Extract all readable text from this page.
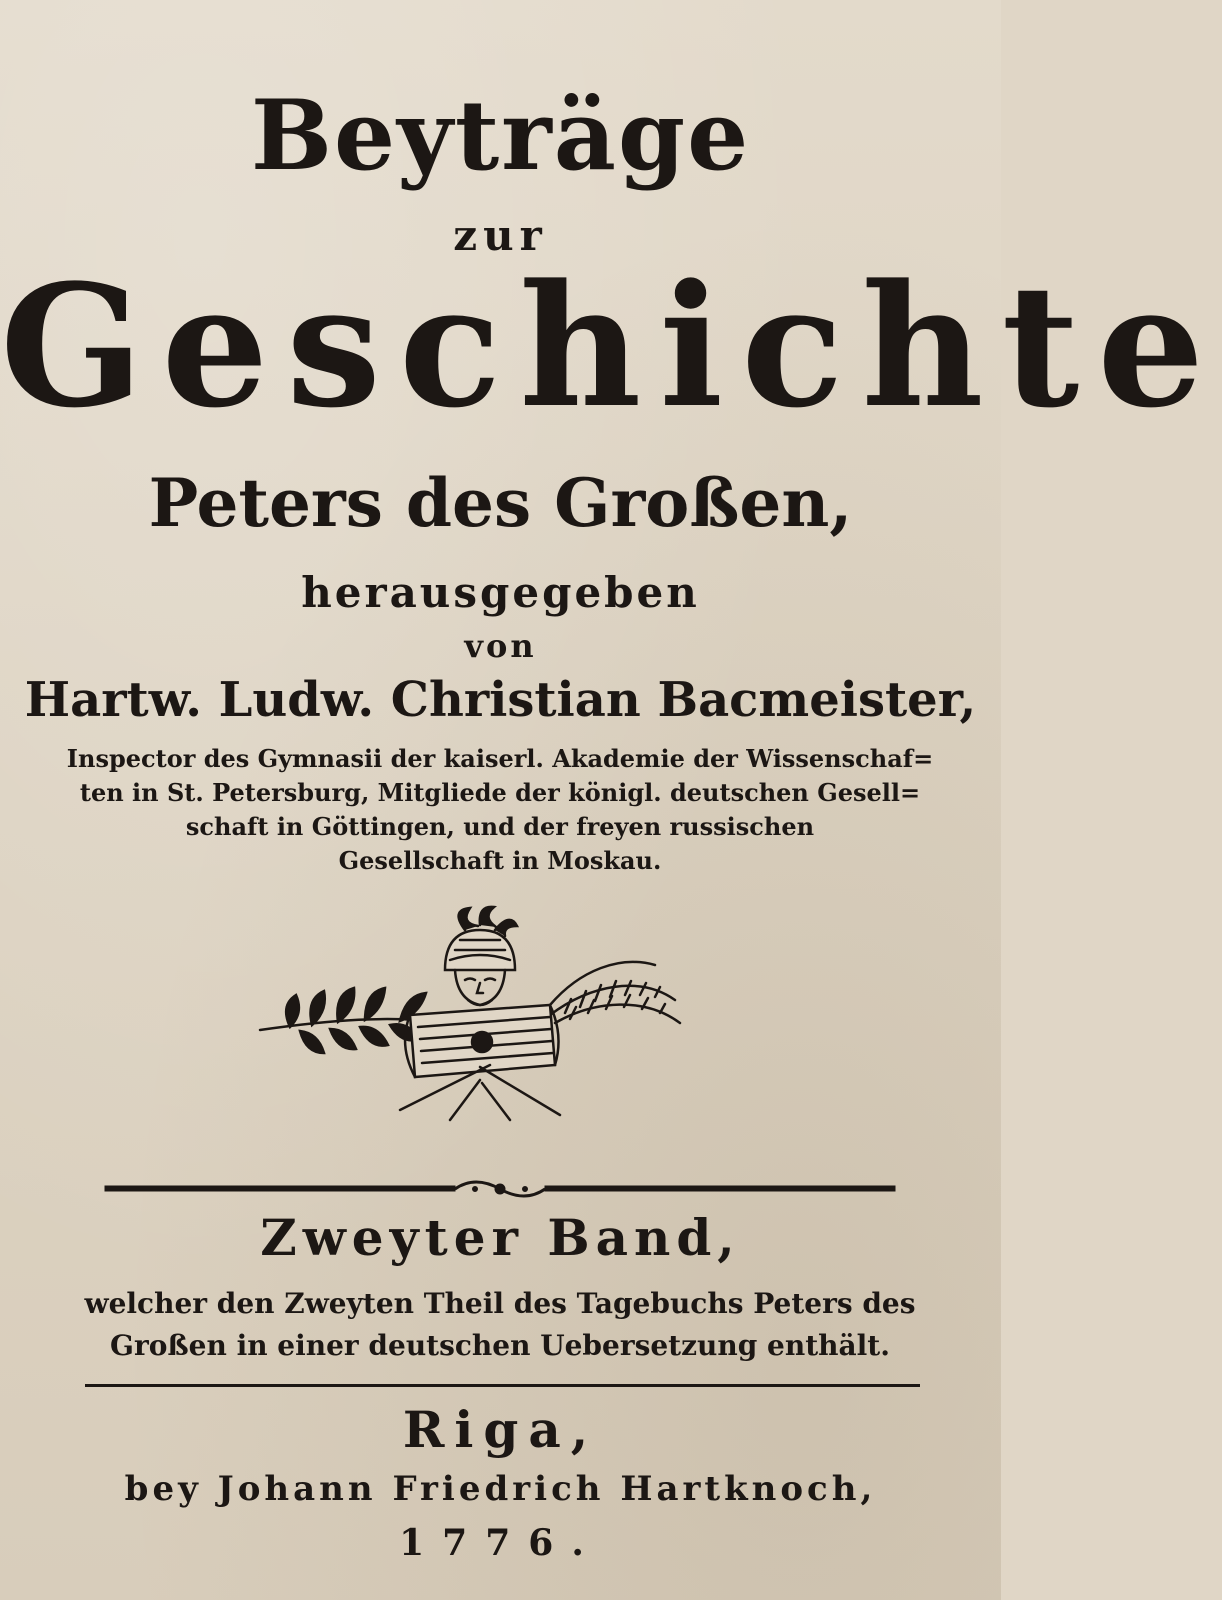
Beyträge
zur
Geschichte
Peters des Großen,
herausgegeben
von
Hartw. Ludw. Christian Bacmeister,
Inspector des Gymnasii der kaiserl. Akademie der Wissenschaf=
ten in St. Petersburg, Mitgliede der königl. deutschen Gesell=
schaft in Göttingen, und der freyen russischen
Gesellschaft in Moskau.
Zweyter Band,
welcher den Zweyten Theil des Tagebuchs Peters des
Großen in einer deutschen Uebersetzung enthält.
Riga,
bey Johann Friedrich Hartknoch,
1776.
